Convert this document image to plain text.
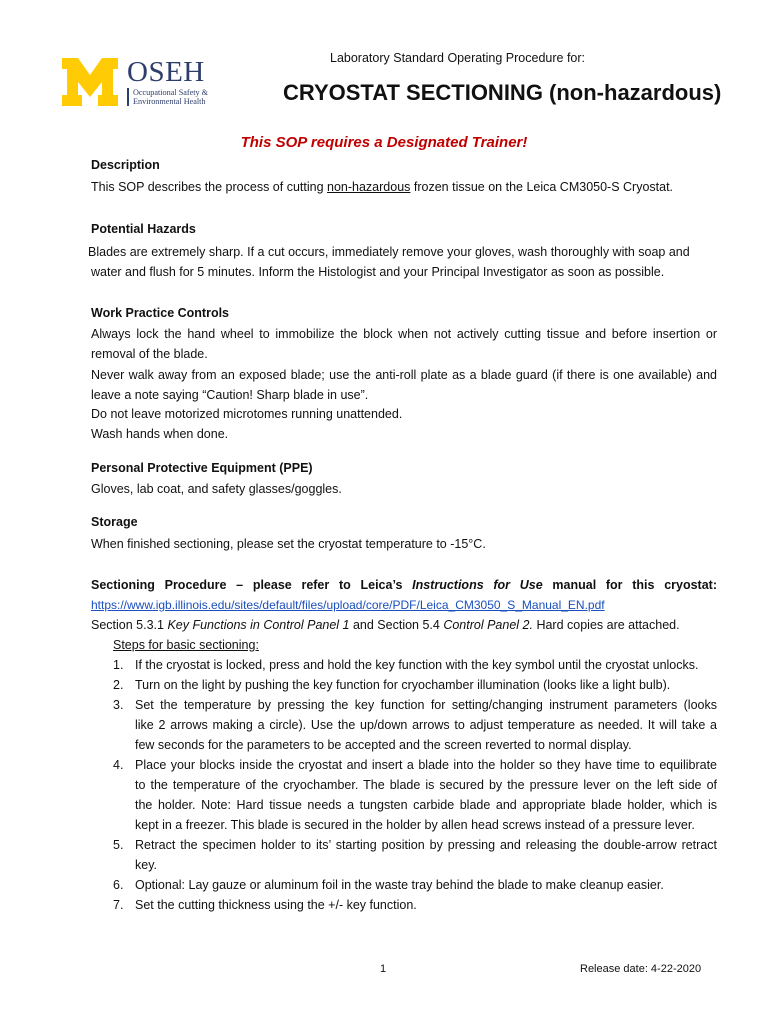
OSEH
Occupational Safety &
Environmental Health
Laboratory Standard Operating Procedure for:
CRYOSTAT SECTIONING (non-hazardous)
This SOP requires a Designated Trainer!
Description
This SOP describes the process of cutting non-hazardous frozen tissue on the Leica CM3050-S Cryostat.
Potential Hazards
Blades are extremely sharp. If a cut occurs, immediately remove your gloves, wash thoroughly with soap and
water and flush for 5 minutes. Inform the Histologist and your Principal Investigator as soon as possible.
Work Practice Controls
Always lock the hand wheel to immobilize the block when not actively cutting tissue and before insertion or
removal of the blade.
Never walk away from an exposed blade; use the anti-roll plate as a blade guard (if there is one available) and
leave a note saying “Caution! Sharp blade in use”.
Do not leave motorized microtomes running unattended.
Wash hands when done.
Personal Protective Equipment (PPE)
Gloves, lab coat, and safety glasses/goggles.
Storage
When finished sectioning, please set the cryostat temperature to -15°C.
Sectioning Procedure – please refer to Leica’s Instructions for Use manual for this cryostat:
https://www.igb.illinois.edu/sites/default/files/upload/core/PDF/Leica_CM3050_S_Manual_EN.pdf
Section 5.3.1 Key Functions in Control Panel 1 and Section 5.4 Control Panel 2. Hard copies are attached.
Steps for basic sectioning:
1. If the cryostat is locked, press and hold the key function with the key symbol until the cryostat unlocks.
2. Turn on the light by pushing the key function for cryochamber illumination (looks like a light bulb).
3. Set the temperature by pressing the key function for setting/changing instrument parameters (looks
like 2 arrows making a circle). Use the up/down arrows to adjust temperature as needed. It will take a
few seconds for the parameters to be accepted and the screen reverted to normal display.
4. Place your blocks inside the cryostat and insert a blade into the holder so they have time to equilibrate
to the temperature of the cryochamber. The blade is secured by the pressure lever on the left side of
the holder. Note: Hard tissue needs a tungsten carbide blade and appropriate blade holder, which is
kept in a freezer. This blade is secured in the holder by allen head screws instead of a pressure lever.
5. Retract the specimen holder to its’ starting position by pressing and releasing the double-arrow retract
key.
6. Optional: Lay gauze or aluminum foil in the waste tray behind the blade to make cleanup easier.
7. Set the cutting thickness using the +/- key function.
1	Release date: 4-22-2020
